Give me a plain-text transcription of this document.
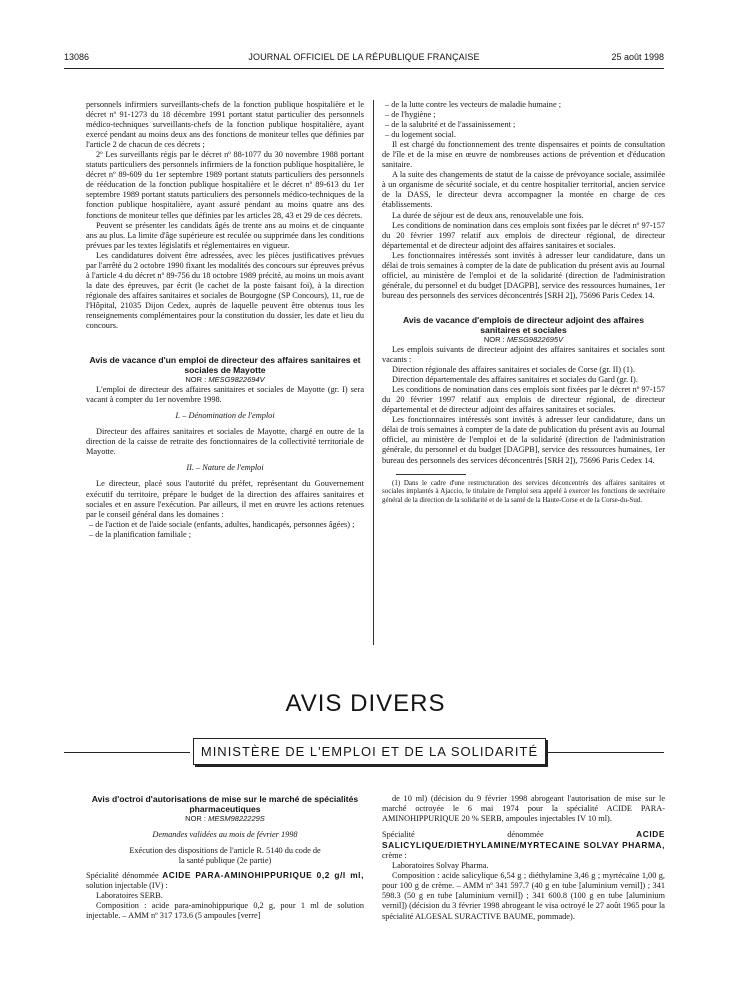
13086	JOURNAL OFFICIEL DE LA RÉPUBLIQUE FRANÇAISE	25 août 1998

personnels infirmiers surveillants-chefs de la fonction publique hospitalière et le décret nº 91-1273 du 18 décembre 1991 portant statut particulier des personnels médico-techniques surveillants-chefs de la fonction publique hospitalière, ayant exercé pendant au moins deux ans des fonctions de moniteur telles que définies par l'article 2 de chacun de ces décrets ;

2º Les surveillants régis par le décret nº 88-1077 du 30 novembre 1988 portant statuts particuliers des personnels infirmiers de la fonction publique hospitalière, le décret nº 89-609 du 1er septembre 1989 portant statuts particuliers des personnels de rééducation de la fonction publique hospitalière et le décret nº 89-613 du 1er septembre 1989 portant statuts particuliers des personnels médico-techniques de la fonction publique hospitalière, ayant assuré pendant au moins quatre ans des fonctions de moniteur telles que définies par les articles 28, 43 et 29 de ces décrets.

Peuvent se présenter les candidats âgés de trente ans au moins et de cinquante ans au plus. La limite d'âge supérieure est reculée ou supprimée dans les conditions prévues par les textes législatifs et réglementaires en vigueur.

Les candidatures doivent être adressées, avec les pièces justificatives prévues par l'arrêté du 2 octobre 1990 fixant les modalités des concours sur épreuves prévus à l'article 4 du décret nº 89-756 du 18 octobre 1989 précité, au moins un mois avant la date des épreuves, par écrit (le cachet de la poste faisant foi), à la direction régionale des affaires sanitaires et sociales de Bourgogne (SP Concours), 11, rue de l'Hôpital, 21035 Dijon Cedex, auprès de laquelle peuvent être obtenus tous les renseignements complémentaires pour la constitution du dossier, les date et lieu du concours.

Avis de vacance d'un emploi de directeur des affaires sanitaires et sociales de Mayotte

NOR : MESG9822694V

L'emploi de directeur des affaires sanitaires et sociales de Mayotte (gr. I) sera vacant à compter du 1er novembre 1998.

I. – Dénomination de l'emploi

Directeur des affaires sanitaires et sociales de Mayotte, chargé en outre de la direction de la caisse de retraite des fonctionnaires de la collectivité territoriale de Mayotte.

II. – Nature de l'emploi

Le directeur, placé sous l'autorité du préfet, représentant du Gouvernement exécutif du territoire, prépare le budget de la direction des affaires sanitaires et sociales et en assure l'exécution. Par ailleurs, il met en œuvre les actions retenues par le conseil général dans les domaines :

– de l'action et de l'aide sociale (enfants, adultes, handicapés, personnes âgées) ;

– de la planification familiale ;

– de la lutte contre les vecteurs de maladie humaine ;

– de l'hygiène ;

– de la salubrité et de l'assainissement ;

– du logement social.

Il est chargé du fonctionnement des trente dispensaires et points de consultation de l'île et de la mise en œuvre de nombreuses actions de prévention et d'éducation sanitaire.

A la suite des changements de statut de la caisse de prévoyance sociale, assimilée à un organisme de sécurité sociale, et du centre hospitalier territorial, ancien service de la DASS, le directeur devra accompagner la montée en charge de ces établissements.

La durée de séjour est de deux ans, renouvelable une fois.

Les conditions de nomination dans ces emplois sont fixées par le décret nº 97-157 du 20 février 1997 relatif aux emplois de directeur régional, de directeur départemental et de directeur adjoint des affaires sanitaires et sociales.

Les fonctionnaires intéressés sont invités à adresser leur candidature, dans un délai de trois semaines à compter de la date de publication du présent avis au Journal officiel, au ministère de l'emploi et de la solidarité (direction de l'administration générale, du personnel et du budget [DAGPB], service des ressources humaines, 1er bureau des personnels des services déconcentrés [SRH 2]), 75696 Paris Cedex 14.

Avis de vacance d'emplois de directeur adjoint des affaires sanitaires et sociales

NOR : MESG9822695V

Les emplois suivants de directeur adjoint des affaires sanitaires et sociales sont vacants :

Direction régionale des affaires sanitaires et sociales de Corse (gr. II) (1).

Direction départementale des affaires sanitaires et sociales du Gard (gr. I).

Les conditions de nomination dans ces emplois sont fixées par le décret nº 97-157 du 20 février 1997 relatif aux emplois de directeur régional, de directeur départemental et de directeur adjoint des affaires sanitaires et sociales.

Les fonctionnaires intéressés sont invités à adresser leur candidature, dans un délai de trois semaines à compter de la date de publication du présent avis au Journal officiel, au ministère de l'emploi et de la solidarité (direction de l'administration générale, du personnel et du budget [DAGPB], service des ressources humaines, 1er bureau des personnels des services déconcentrés [SRH 2]), 75696 Paris Cedex 14.

(1) Dans le cadre d'une restructuration des services déconcentrés des affaires sanitaires et sociales implantés à Ajaccio, le titulaire de l'emploi sera appelé à exercer les fonctions de secrétaire général de la direction de la solidarité et de la santé de la Haute-Corse et de la Corse-du-Sud.

AVIS DIVERS
MINISTÈRE DE L'EMPLOI ET DE LA SOLIDARITÉ

Avis d'octroi d'autorisations de mise sur le marché de spécialités pharmaceutiques

NOR : MESM9822229S

Demandes validées au mois de février 1998

Exécution des dispositions de l'article R. 5140 du code de la santé publique (2e partie)

Spécialité dénommée ACIDE PARA-AMINOHIPPURIQUE 0,2 g/l ml, solution injectable (IV) :

Laboratoires SERB.

Composition : acide para-aminohippurique 0,2 g, pour 1 ml de solution injectable. – AMM nº 317 173.6 (5 ampoules [verre]

de 10 ml) (décision du 9 février 1998 abrogeant l'autorisation de mise sur le marché octroyée le 6 mai 1974 pour la spécialité ACIDE PARA-AMINOHIPPURIQUE 20 % SERB, ampoules injectables IV 10 ml).

Spécialité dénommée	ACIDE SALICYLIQUE/DIETHYLAMINE/MYRTECAINE SOLVAY PHARMA, crème :

Laboratoires Solvay Pharma.

Composition : acide salicylique 6,54 g ; diéthylamine 3,46 g ; myrtécaïne 1,00 g, pour 100 g de crème. – AMM nº 341 597.7 (40 g en tube [aluminium vernil]) ; 341 598.3 (50 g en tube [aluminium vernil]) ; 341 600.8 (100 g en tube [aluminium vernil]) (décision du 3 février 1998 abrogeant le visa octroyé le 27 août 1965 pour la spécialité ALGESAL SURACTIVE BAUME, pommade).
